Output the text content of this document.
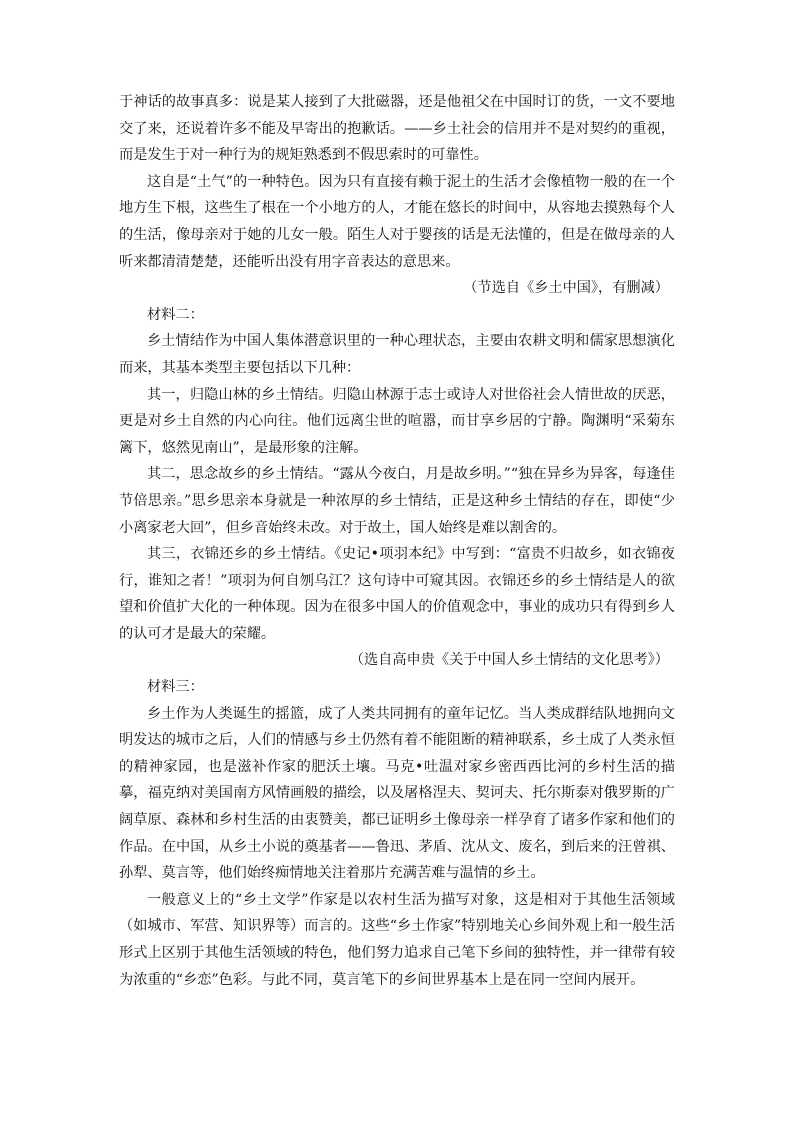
于神话的故事真多：说是某人接到了大批磁器，还是他祖父在中国时订的货，一文不要地交了来，还说着许多不能及早寄出的抱歉话。——乡土社会的信用并不是对契约的重视，而是发生于对一种行为的规矩熟悉到不假思索时的可靠性。

这自是“土气”的一种特色。因为只有直接有赖于泥土的生活才会像植物一般的在一个地方生下根，这些生了根在一个小地方的人，才能在悠长的时间中，从容地去摸熟每个人的生活，像母亲对于她的儿女一般。陌生人对于婴孩的话是无法懂的，但是在做母亲的人听来都清清楚楚，还能听出没有用字音表达的意思来。

（节选自《乡土中国》，有删减）

材料二：

乡土情结作为中国人集体潜意识里的一种心理状态，主要由农耕文明和儒家思想演化而来，其基本类型主要包括以下几种：

其一，归隐山林的乡土情结。归隐山林源于志士或诗人对世俗社会人情世故的厌恶，更是对乡土自然的内心向往。他们远离尘世的喧嚣，而甘享乡居的宁静。陶渊明“采菊东篱下，悠然见南山”，是最形象的注解。

其二，思念故乡的乡土情结。“露从今夜白，月是故乡明。”“独在异乡为异客，每逢佳节倍思亲。”思乡思亲本身就是一种浓厚的乡土情结，正是这种乡土情结的存在，即使“少小离家老大回”，但乡音始终未改。对于故土，国人始终是难以割舍的。

其三，衣锦还乡的乡土情结。《史记•项羽本纪》中写到：“富贵不归故乡，如衣锦夜行，谁知之者！”项羽为何自刎乌江？这句诗中可窥其因。衣锦还乡的乡土情结是人的欲望和价值扩大化的一种体现。因为在很多中国人的价值观念中，事业的成功只有得到乡人的认可才是最大的荣耀。

（选自高申贵《关于中国人乡土情结的文化思考》）

材料三：

乡土作为人类诞生的摇篮，成了人类共同拥有的童年记忆。当人类成群结队地拥向文明发达的城市之后，人们的情感与乡土仍然有着不能阻断的精神联系，乡土成了人类永恒的精神家园，也是滋补作家的肥沃土壤。马克•吐温对家乡密西西比河的乡村生活的描摹，福克纳对美国南方风情画般的描绘，以及屠格涅夫、契诃夫、托尔斯泰对俄罗斯的广阔草原、森林和乡村生活的由衷赞美，都已证明乡土像母亲一样孕育了诸多作家和他们的作品。在中国，从乡土小说的奠基者——鲁迅、茅盾、沈从文、废名，到后来的汪曾祺、孙犁、莫言等，他们始终痴情地关注着那片充满苦难与温情的乡土。

一般意义上的“乡土文学”作家是以农村生活为描写对象，这是相对于其他生活领域（如城市、军营、知识界等）而言的。这些“乡土作家”特别地关心乡间外观上和一般生活形式上区别于其他生活领域的特色，他们努力追求自己笔下乡间的独特性，并一律带有较为浓重的“乡恋”色彩。与此不同，莫言笔下的乡间世界基本上是在同一空间内展开。
